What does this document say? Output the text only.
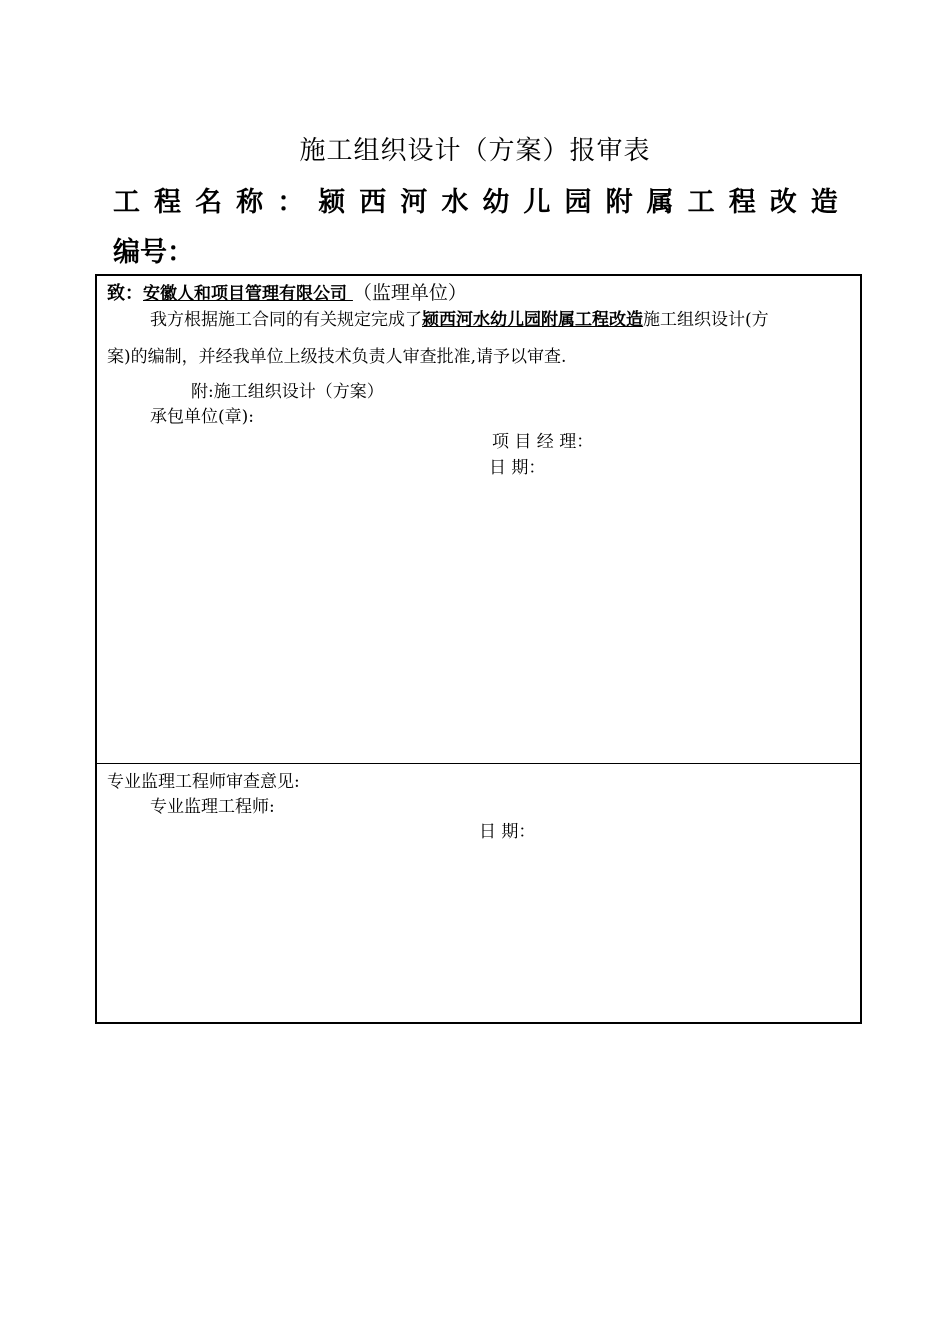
施工组织设计（方案）报审表
工 程 名 称 ： 颍 西 河 水 幼 儿 园 附 属 工 程 改 造
编号：
致：安徽人和项目管理有限公司 （监理单位）
我方根据施工合同的有关规定完成了颍西河水幼儿园附属工程改造施工组织设计(方
案)的编制，并经我单位上级技术负责人审查批准,请予以审查.
附:施工组织设计（方案）
承包单位(章):
项 目 经 理：
日 期：
专业监理工程师审查意见:
专业监理工程师:
日 期：
